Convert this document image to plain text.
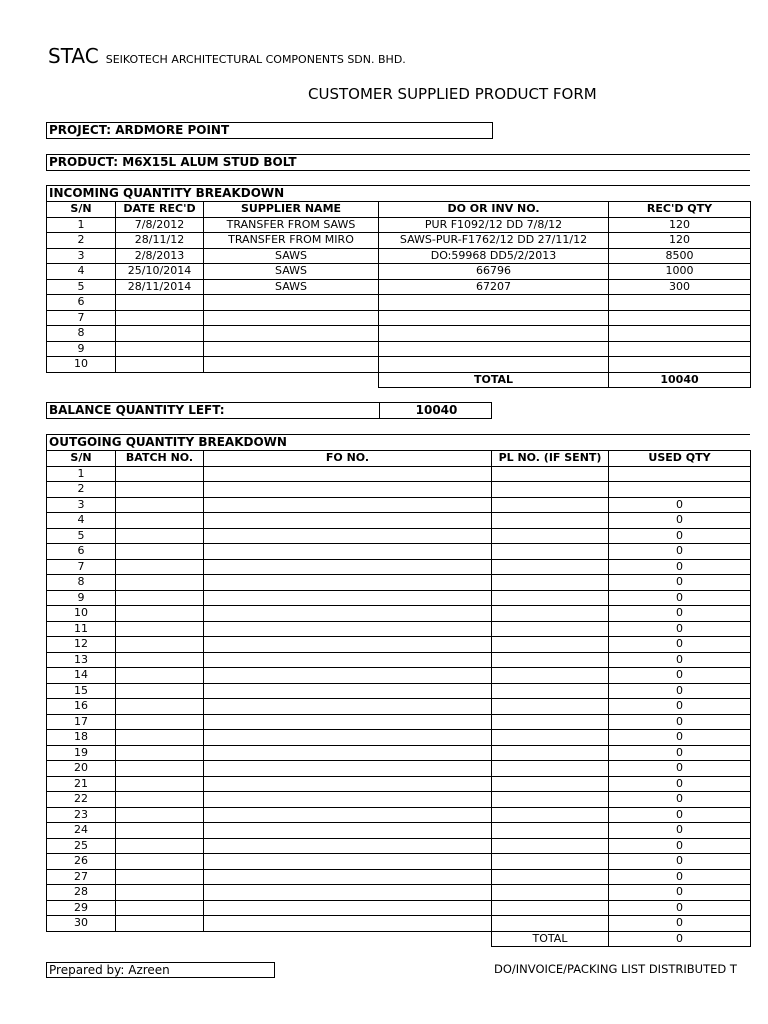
STAC SEIKOTECH ARCHITECTURAL COMPONENTS SDN. BHD.
CUSTOMER SUPPLIED PRODUCT FORM
PROJECT: ARDMORE POINT
PRODUCT: M6X15L ALUM STUD BOLT
INCOMING QUANTITY BREAKDOWN
S/N	DATE REC'D	SUPPLIER NAME	DO OR INV NO.	REC'D QTY
1	7/8/2012	TRANSFER FROM SAWS	PUR F1092/12 DD 7/8/12	120
2	28/11/12	TRANSFER FROM MIRO	SAWS-PUR-F1762/12 DD 27/11/12	120
3	2/8/2013	SAWS	DO:59968 DD5/2/2013	8500
4	25/10/2014	SAWS	66796	1000
5	28/11/2014	SAWS	67207	300
6				
7				
8				
9				
10				
			TOTAL	10040
BALANCE QUANTITY LEFT:	10040
OUTGOING QUANTITY BREAKDOWN
S/N	BATCH NO.	FO NO.	PL NO. (IF SENT)	USED QTY
1				
2				
3				0
4				0
5				0
6				0
7				0
8				0
9				0
10				0
11				0
12				0
13				0
14				0
15				0
16				0
17				0
18				0
19				0
20				0
21				0
22				0
23				0
24				0
25				0
26				0
27				0
28				0
29				0
30				0
			TOTAL	0
Prepared by: Azreen	DO/INVOICE/PACKING LIST DISTRIBUTED T
